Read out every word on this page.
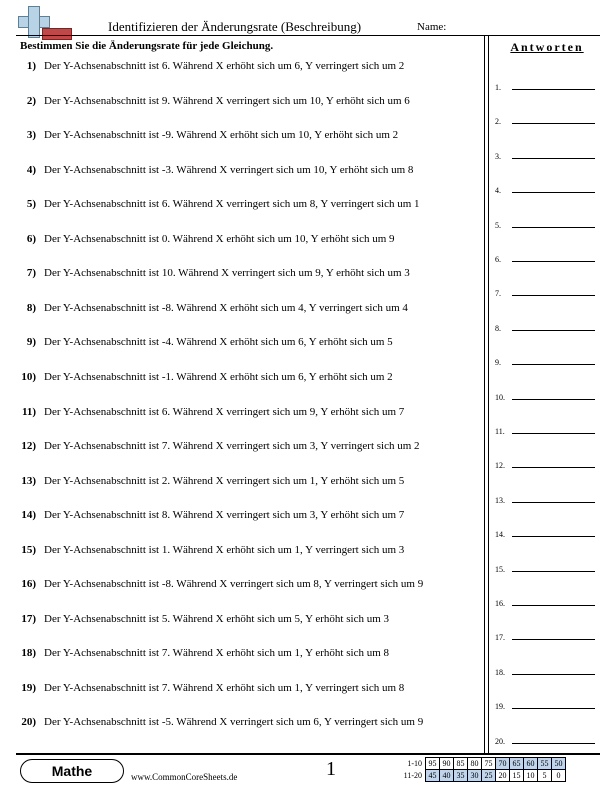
Identifizieren der Änderungsrate (Beschreibung)	Name:
Bestimmen Sie die Änderungsrate für jede Gleichung.
1) Der Y-Achsenabschnitt ist 6. Während X erhöht sich um 6, Y verringert sich um 2
2) Der Y-Achsenabschnitt ist 9. Während X verringert sich um 10, Y erhöht sich um 6
3) Der Y-Achsenabschnitt ist -9. Während X erhöht sich um 10, Y erhöht sich um 2
4) Der Y-Achsenabschnitt ist -3. Während X verringert sich um 10, Y erhöht sich um 8
5) Der Y-Achsenabschnitt ist 6. Während X verringert sich um 8, Y verringert sich um 1
6) Der Y-Achsenabschnitt ist 0. Während X erhöht sich um 10, Y erhöht sich um 9
7) Der Y-Achsenabschnitt ist 10. Während X verringert sich um 9, Y erhöht sich um 3
8) Der Y-Achsenabschnitt ist -8. Während X erhöht sich um 4, Y verringert sich um 4
9) Der Y-Achsenabschnitt ist -4. Während X erhöht sich um 6, Y erhöht sich um 5
10) Der Y-Achsenabschnitt ist -1. Während X erhöht sich um 6, Y erhöht sich um 2
11) Der Y-Achsenabschnitt ist 6. Während X verringert sich um 9, Y erhöht sich um 7
12) Der Y-Achsenabschnitt ist 7. Während X verringert sich um 3, Y verringert sich um 2
13) Der Y-Achsenabschnitt ist 2. Während X verringert sich um 1, Y erhöht sich um 5
14) Der Y-Achsenabschnitt ist 8. Während X verringert sich um 3, Y erhöht sich um 7
15) Der Y-Achsenabschnitt ist 1. Während X erhöht sich um 1, Y verringert sich um 3
16) Der Y-Achsenabschnitt ist -8. Während X verringert sich um 8, Y verringert sich um 9
17) Der Y-Achsenabschnitt ist 5. Während X erhöht sich um 5, Y erhöht sich um 3
18) Der Y-Achsenabschnitt ist 7. Während X erhöht sich um 1, Y erhöht sich um 8
19) Der Y-Achsenabschnitt ist 7. Während X erhöht sich um 1, Y verringert sich um 8
20) Der Y-Achsenabschnitt ist -5. Während X verringert sich um 6, Y verringert sich um 9
Antworten
1.
2.
3.
4.
5.
6.
7.
8.
9.
10.
11.
12.
13.
14.
15.
16.
17.
18.
19.
20.
Mathe	www.CommonCoreSheets.de	1	1-10	95	90	85	80	75	70	65	60	55	50
11-20	45	40	35	30	25	20	15	10	5	0
